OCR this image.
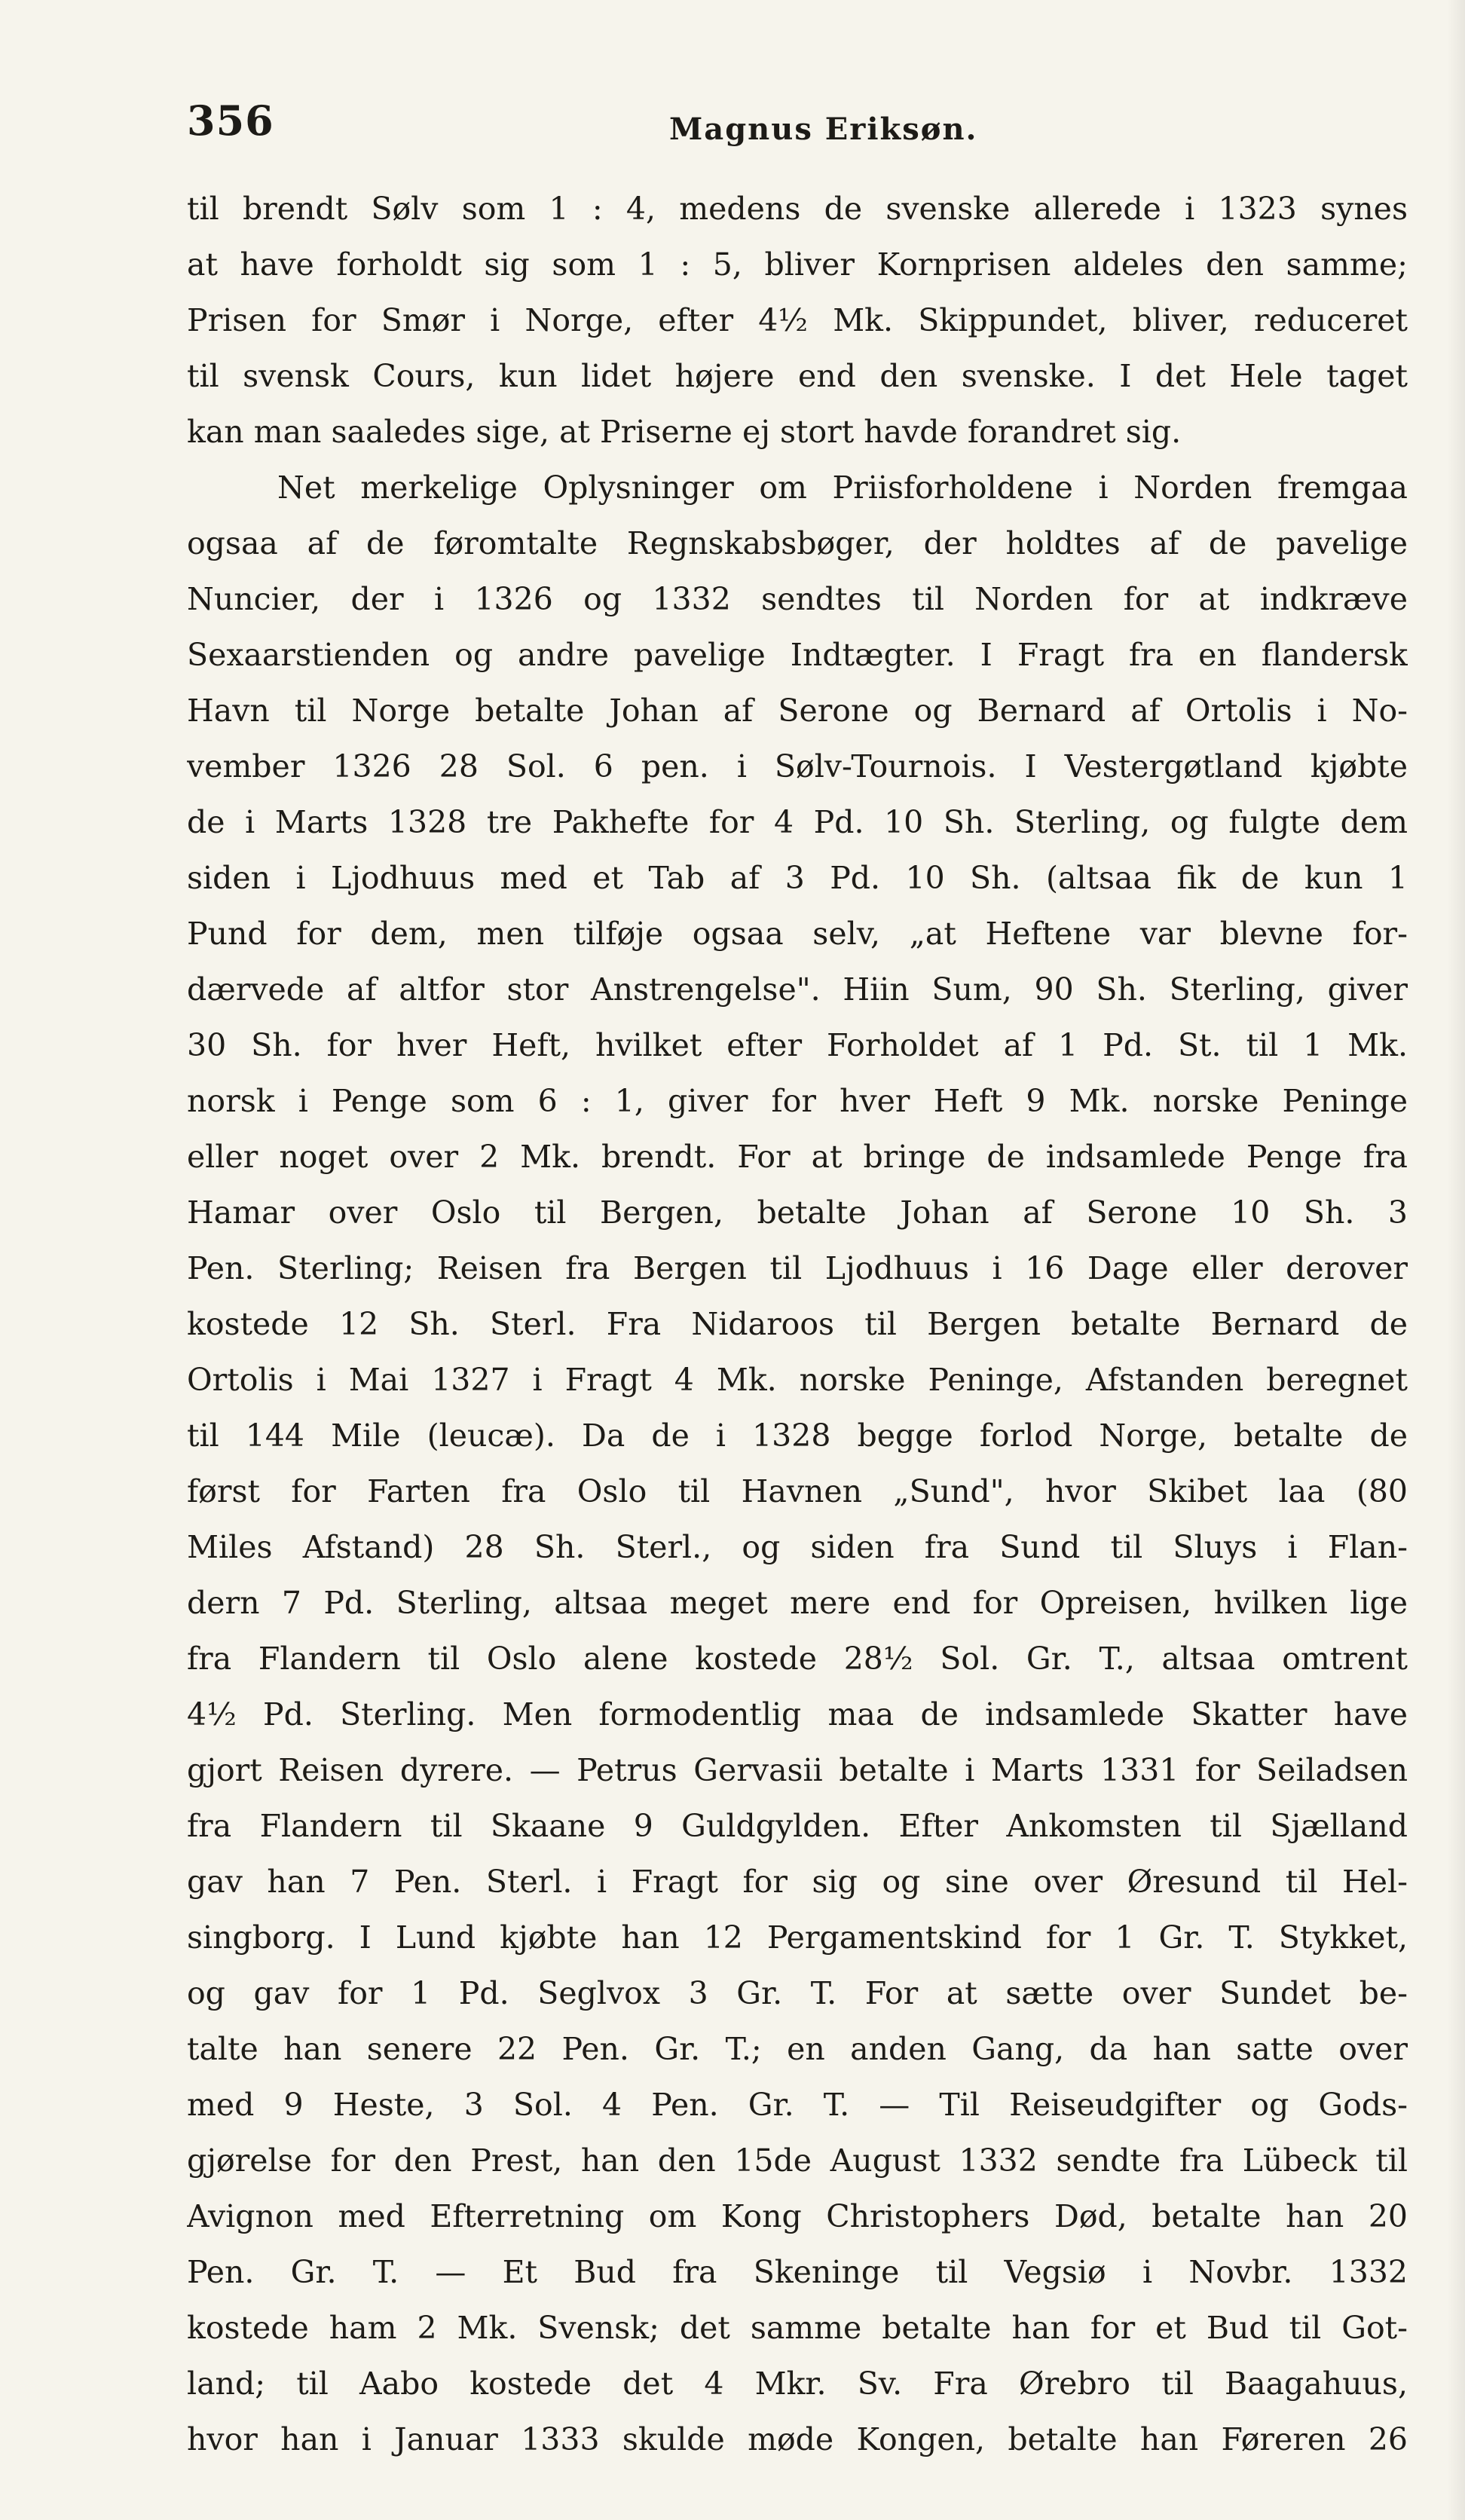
356	Magnus Eriksøn.
til brendt Sølv som 1 : 4, medens de svenske allerede i 1323 synes
at have forholdt sig som 1 : 5, bliver Kornprisen aldeles den samme;
Prisen for Smør i Norge, efter 4½ Mk. Skippundet, bliver, reduceret
til svensk Cours, kun lidet højere end den svenske. I det Hele taget
kan man saaledes sige, at Priserne ej stort havde forandret sig.
Net merkelige Oplysninger om Priisforholdene i Norden fremgaa
ogsaa af de føromtalte Regnskabsbøger, der holdtes af de pavelige
Nuncier, der i 1326 og 1332 sendtes til Norden for at indkræve
Sexaarstienden og andre pavelige Indtægter. I Fragt fra en flandersk
Havn til Norge betalte Johan af Serone og Bernard af Ortolis i No-
vember 1326 28 Sol. 6 pen. i Sølv-Tournois. I Vestergøtland kjøbte
de i Marts 1328 tre Pakhefte for 4 Pd. 10 Sh. Sterling, og fulgte dem
siden i Ljodhuus med et Tab af 3 Pd. 10 Sh. (altsaa fik de kun 1
Pund for dem, men tilføje ogsaa selv, „at Heftene var blevne for-
dærvede af altfor stor Anstrengelse". Hiin Sum, 90 Sh. Sterling, giver
30 Sh. for hver Heft, hvilket efter Forholdet af 1 Pd. St. til 1 Mk.
norsk i Penge som 6 : 1, giver for hver Heft 9 Mk. norske Peninge
eller noget over 2 Mk. brendt. For at bringe de indsamlede Penge fra
Hamar over Oslo til Bergen, betalte Johan af Serone 10 Sh. 3
Pen. Sterling; Reisen fra Bergen til Ljodhuus i 16 Dage eller derover
kostede 12 Sh. Sterl. Fra Nidaroos til Bergen betalte Bernard de
Ortolis i Mai 1327 i Fragt 4 Mk. norske Peninge, Afstanden beregnet
til 144 Mile (leucæ). Da de i 1328 begge forlod Norge, betalte de
først for Farten fra Oslo til Havnen „Sund", hvor Skibet laa (80
Miles Afstand) 28 Sh. Sterl., og siden fra Sund til Sluys i Flan-
dern 7 Pd. Sterling, altsaa meget mere end for Opreisen, hvilken lige
fra Flandern til Oslo alene kostede 28½ Sol. Gr. T., altsaa omtrent
4½ Pd. Sterling. Men formodentlig maa de indsamlede Skatter have
gjort Reisen dyrere. — Petrus Gervasii betalte i Marts 1331 for Seiladsen
fra Flandern til Skaane 9 Guldgylden. Efter Ankomsten til Sjælland
gav han 7 Pen. Sterl. i Fragt for sig og sine over Øresund til Hel-
singborg. I Lund kjøbte han 12 Pergamentskind for 1 Gr. T. Stykket,
og gav for 1 Pd. Seglvox 3 Gr. T. For at sætte over Sundet be-
talte han senere 22 Pen. Gr. T.; en anden Gang, da han satte over
med 9 Heste, 3 Sol. 4 Pen. Gr. T. — Til Reiseudgifter og Gods-
gjørelse for den Prest, han den 15de August 1332 sendte fra Lübeck til
Avignon med Efterretning om Kong Christophers Død, betalte han 20
Pen. Gr. T. — Et Bud fra Skeninge til Vegsiø i Novbr. 1332
kostede ham 2 Mk. Svensk; det samme betalte han for et Bud til Got-
land; til Aabo kostede det 4 Mkr. Sv. Fra Ørebro til Baagahuus,
hvor han i Januar 1333 skulde møde Kongen, betalte han Føreren 26
